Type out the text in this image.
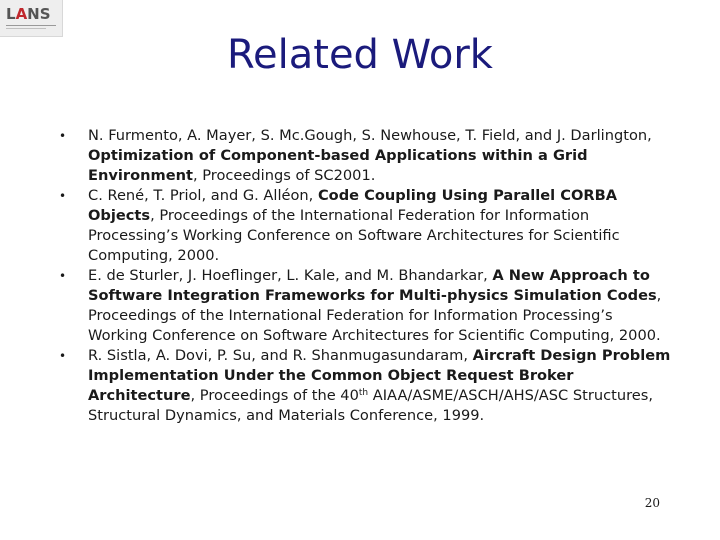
LANS
Related Work
• N. Furmento, A. Mayer, S. Mc.Gough, S. Newhouse, T. Field, and J. Darlington, Optimization of Component-based Applications within a Grid Environment, Proceedings of SC2001.
• C. René, T. Priol, and G. Alléon, Code Coupling Using Parallel CORBA Objects, Proceedings of the International Federation for Information Processing’s Working Conference on Software Architectures for Scientific Computing, 2000.
• E. de Sturler, J. Hoeflinger, L. Kale, and M. Bhandarkar, A New Approach to Software Integration Frameworks for Multi-physics Simulation Codes, Proceedings of the International Federation for Information Processing’s Working Conference on Software Architectures for Scientific Computing, 2000.
• R. Sistla, A. Dovi, P. Su, and R. Shanmugasundaram, Aircraft Design Problem Implementation Under the Common Object Request Broker Architecture, Proceedings of the 40th AIAA/ASME/ASCH/AHS/ASC Structures, Structural Dynamics, and Materials Conference, 1999.
20
